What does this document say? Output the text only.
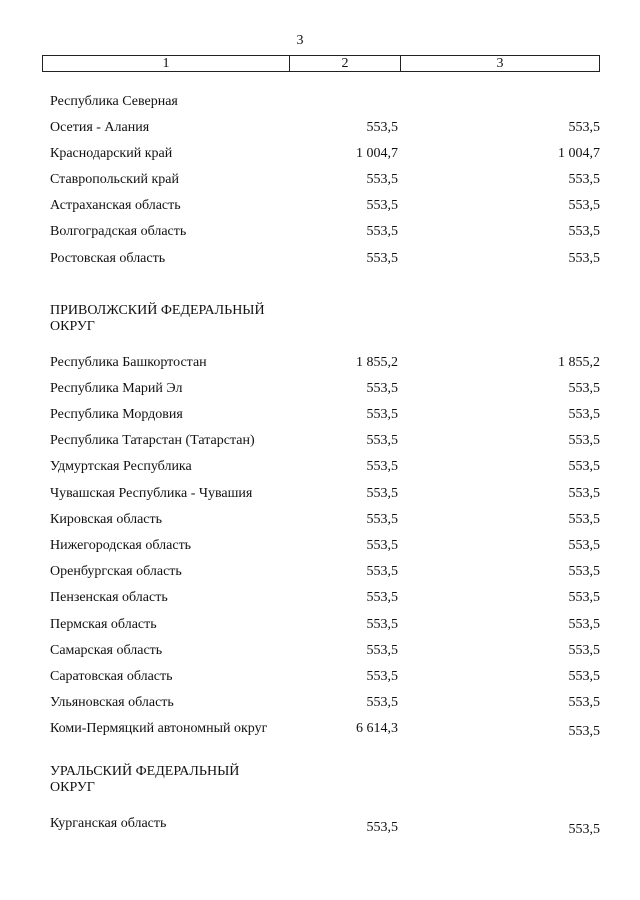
3
1	2	3
Республика Северная
Осетия - Алания	553,5	553,5
Краснодарский край	1 004,7	1 004,7
Ставропольский край	553,5	553,5
Астраханская область	553,5	553,5
Волгоградская область	553,5	553,5
Ростовская область	553,5	553,5
ПРИВОЛЖСКИЙ ФЕДЕРАЛЬНЫЙ
ОКРУГ
Республика Башкортостан	1 855,2	1 855,2
Республика Марий Эл	553,5	553,5
Республика Мордовия	553,5	553,5
Республика Татарстан (Татарстан)	553,5	553,5
Удмуртская Республика	553,5	553,5
Чувашская Республика - Чувашия	553,5	553,5
Кировская область	553,5	553,5
Нижегородская область	553,5	553,5
Оренбургская область	553,5	553,5
Пензенская область	553,5	553,5
Пермская область	553,5	553,5
Самарская область	553,5	553,5
Саратовская область	553,5	553,5
Ульяновская область	553,5	553,5
Коми-Пермяцкий автономный округ	6 614,3	553,5
УРАЛЬСКИЙ ФЕДЕРАЛЬНЫЙ
ОКРУГ
Курганская область	553,5	553,5
